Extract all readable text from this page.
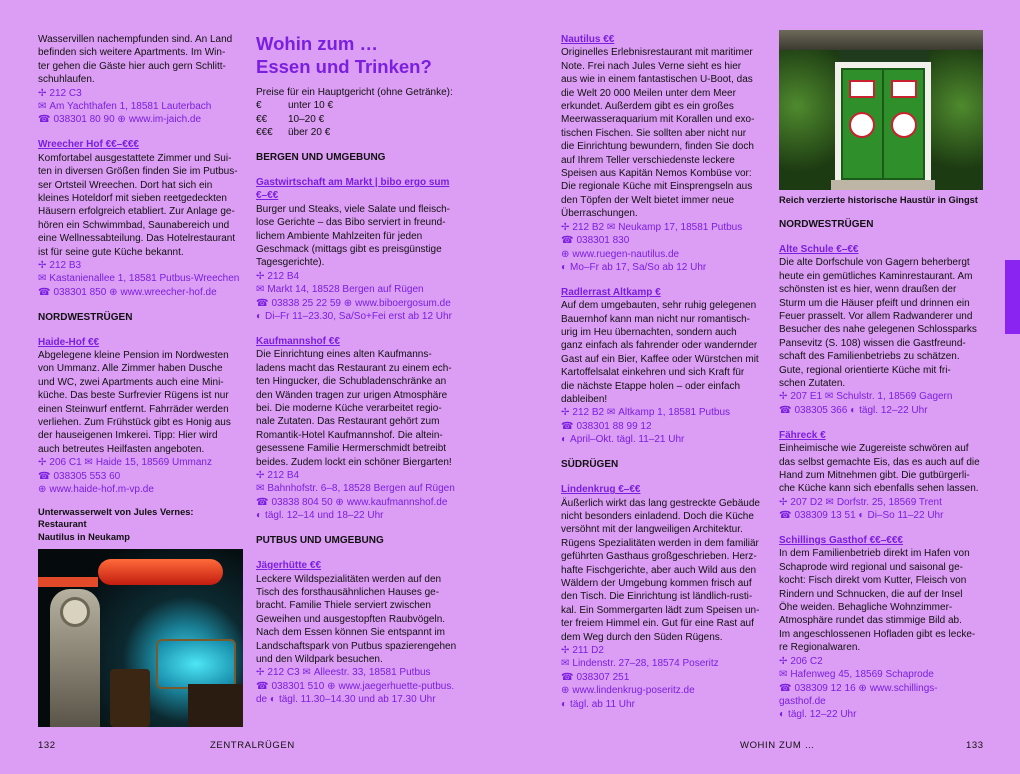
Wasservillen nachempfunden sind. An Land
befinden sich weitere Apartments. Im Win-
ter gehen die Gäste hier auch gern Schlitt-
schuhlaufen.
✢ 212 C3
✉ Am Yachthafen 1, 18581 Lauterbach
☎ 038301 80 90 ⊕ www.im-jaich.de
Wreecher Hof €€–€€€
Komfortabel ausgestattete Zimmer und Sui-
ten in diversen Größen finden Sie im Putbus-
ser Ortsteil Wreechen. Dort hat sich ein
kleines Hoteldorf mit sieben reetgedeckten
Häusern erfolgreich etabliert. Zur Anlage ge-
hören ein Schwimmbad, Saunabereich und
eine Wellnessabteilung. Das Hotelrestaurant
ist für seine gute Küche bekannt.
✢ 212 B3
✉ Kastanienallee 1, 18581 Putbus-Wreechen
☎ 038301 850 ⊕ www.wreecher-hof.de
NORDWESTRÜGEN
Haide-Hof €€
Abgelegene kleine Pension im Nordwesten
von Ummanz. Alle Zimmer haben Dusche
und WC, zwei Apartments auch eine Mini-
küche. Das beste Surfrevier Rügens ist nur
einen Steinwurf entfernt. Fahrräder werden
verliehen. Zum Frühstück gibt es Honig aus
der hauseigenen Imkerei. Tipp: Hier wird
auch betreutes Heilfasten angeboten.
✢ 206 C1 ✉ Haide 15, 18569 Ummanz
☎ 038305 553 60
⊕ www.haide-hof.m-vp.de
Unterwasserwelt von Jules Vernes: Restaurant
Nautilus in Neukamp
Wohin zum …
Essen und Trinken?
Preise für ein Hauptgericht (ohne Getränke):
€	unter 10 €
€€	10–20 €
€€€	über 20 €
BERGEN UND UMGEBUNG
Gastwirtschaft am Markt | bibo ergo sum
€–€€
Burger und Steaks, viele Salate und fleisch-
lose Gerichte – das Bibo serviert in freund-
lichem Ambiente Mahlzeiten für jeden
Geschmack (mittags gibt es preisgünstige
Tagesgerichte).
✢ 212 B4
✉ Markt 14, 18528 Bergen auf Rügen
☎ 03838 25 22 59 ⊕ www.biboergosum.de
◐ Di–Fr 11–23.30, Sa/So+Fei erst ab 12 Uhr
Kaufmannshof €€
Die Einrichtung eines alten Kaufmanns-
ladens macht das Restaurant zu einem ech-
ten Hingucker, die Schubladenschränke an
den Wänden tragen zur urigen Atmosphäre
bei. Die moderne Küche verarbeitet regio-
nale Zutaten. Das Restaurant gehört zum
Romantik-Hotel Kaufmannshof. Die altein-
gesessene Familie Hermerschmidt betreibt
beides. Zudem lockt ein schöner Biergarten!
✢ 212 B4
✉ Bahnhofstr. 6–8, 18528 Bergen auf Rügen
☎ 03838 804 50 ⊕ www.kaufmannshof.de
◐ tägl. 12–14 und 18–22 Uhr
PUTBUS UND UMGEBUNG
Jägerhütte €€
Leckere Wildspezialitäten werden auf den
Tisch des forsthausähnlichen Hauses ge-
bracht. Familie Thiele serviert zwischen
Geweihen und ausgestopften Raubvögeln.
Nach dem Essen können Sie entspannt im
Landschaftspark von Putbus spazierengehen
und den Wildpark besuchen.
✢ 212 C3 ✉ Alleestr. 33, 18581 Putbus
☎ 038301 510 ⊕ www.jaegerhuette-putbus.
de ◐ tägl. 11.30–14.30 und ab 17.30 Uhr
Nautilus €€
Originelles Erlebnisrestaurant mit maritimer
Note. Frei nach Jules Verne sieht es hier
aus wie in einem fantastischen U-Boot, das
die Welt 20 000 Meilen unter dem Meer
erkundet. Außerdem gibt es ein großes
Meerwasseraquarium mit Korallen und exo-
tischen Fischen. Sie sollten aber nicht nur
die Einrichtung bewundern, finden Sie doch
auf Ihrem Teller verschiedenste leckere
Speisen aus Kapitän Nemos Kombüse vor:
Die regionale Küche mit Einsprengseln aus
den Töpfen der Welt bietet immer neue
Überraschungen.
✢ 212 B2 ✉ Neukamp 17, 18581 Putbus
☎ 038301 830
⊕ www.ruegen-nautilus.de
◐ Mo–Fr ab 17, Sa/So ab 12 Uhr
Radlerrast Altkamp €
Auf dem umgebauten, sehr ruhig gelegenen
Bauernhof kann man nicht nur romantisch-
urig im Heu übernachten, sondern auch
ganz einfach als fahrender oder wandernder
Gast auf ein Bier, Kaffee oder Würstchen mit
Kartoffelsalat einkehren und sich Kraft für
die nächste Etappe holen – oder einfach
dableiben!
✢ 212 B2 ✉ Altkamp 1, 18581 Putbus
☎ 038301 88 99 12
◐ April–Okt. tägl. 11–21 Uhr
SÜDRÜGEN
Lindenkrug €–€€
Äußerlich wirkt das lang gestreckte Gebäude
nicht besonders einladend. Doch die Küche
versöhnt mit der langweiligen Architektur.
Rügens Spezialitäten werden in dem familiär
geführten Gasthaus großgeschrieben. Herz-
hafte Fischgerichte, aber auch Wild aus den
Wäldern der Umgebung kommen frisch auf
den Tisch. Die Einrichtung ist ländlich-rusti-
kal. Ein Sommergarten lädt zum Speisen un-
ter freiem Himmel ein. Gut für eine Rast auf
dem Weg durch den Süden Rügens.
✢ 211 D2
✉ Lindenstr. 27–28, 18574 Poseritz
☎ 038307 251
⊕ www.lindenkrug-poseritz.de
◐ tägl. ab 11 Uhr
Reich verzierte historische Haustür in Gingst
NORDWESTRÜGEN
Alte Schule €–€€
Die alte Dorfschule von Gagern beherbergt
heute ein gemütliches Kaminrestaurant. Am
schönsten ist es hier, wenn draußen der
Sturm um die Häuser pfeift und drinnen ein
Feuer prasselt. Vor allem Radwanderer und
Besucher des nahe gelegenen Schlossparks
Pansevitz (S. 108) wissen die Gastfreund-
schaft des Familienbetriebs zu schätzen.
Gute, regional orientierte Küche mit fri-
schen Zutaten.
✢ 207 E1 ✉ Schulstr. 1, 18569 Gagern
☎ 038305 366 ◐ tägl. 12–22 Uhr
Fähreck €
Einheimische wie Zugereiste schwören auf
das selbst gemachte Eis, das es auch auf die
Hand zum Mitnehmen gibt. Die gutbürgerli-
che Küche kann sich ebenfalls sehen lassen.
✢ 207 D2 ✉ Dorfstr. 25, 18569 Trent
☎ 038309 13 51 ◐ Di–So 11–22 Uhr
Schillings Gasthof €€–€€€
In dem Familienbetrieb direkt im Hafen von
Schaprode wird regional und saisonal ge-
kocht: Fisch direkt vom Kutter, Fleisch von
Rindern und Schnucken, die auf der Insel
Öhe weiden. Behagliche Wohnzimmer-
Atmosphäre rundet das stimmige Bild ab.
Im angeschlossenen Hofladen gibt es lecke-
re Regionalwaren.
✢ 206 C2
✉ Hafenweg 45, 18569 Schaprode
☎ 038309 12 16 ⊕ www.schillings-gasthof.de
◐ tägl. 12–22 Uhr
132	ZENTRALRÜGEN	WOHIN ZUM …	133
